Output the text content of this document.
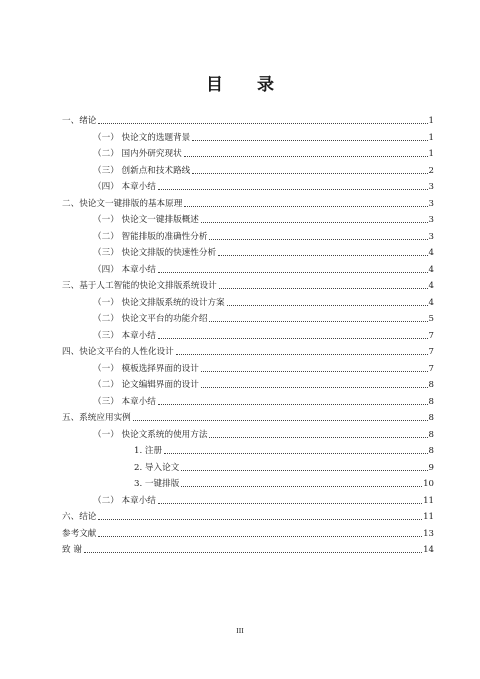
目 录
一、绪论	1
（一） 快论文的选题背景	1
（二） 国内外研究现状	1
（三） 创新点和技术路线	2
（四） 本章小结	3
二、快论文一键排版的基本原理	3
（一） 快论文一键排版概述	3
（二） 智能排版的准确性分析	3
（三） 快论文排版的快速性分析	4
（四） 本章小结	4
三、基于人工智能的快论文排版系统设计	4
（一） 快论文排版系统的设计方案	4
（二） 快论文平台的功能介绍	5
（三） 本章小结	7
四、快论文平台的人性化设计	7
（一） 模板选择界面的设计	7
（二） 论文编辑界面的设计	8
（三） 本章小结	8
五、系统应用实例	8
（一） 快论文系统的使用方法	8
1. 注册	8
2. 导入论文	9
3. 一键排版	10
（二） 本章小结	11
六、结论	11
参考文献	13
致 谢	14
III
